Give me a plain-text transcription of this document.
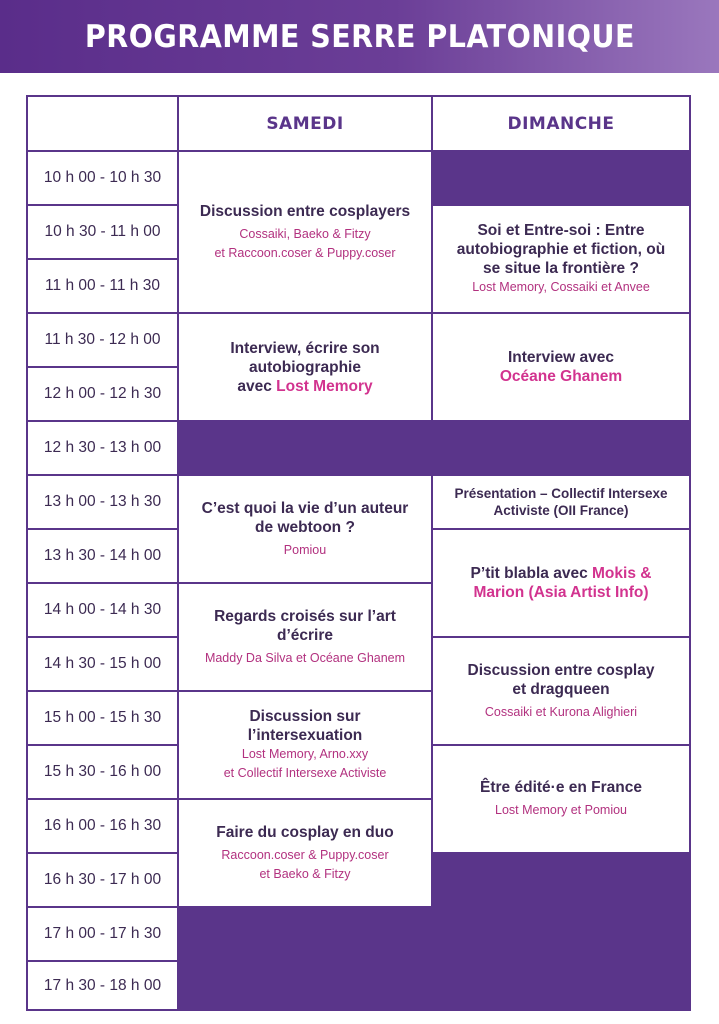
PROGRAMME SERRE PLATONIQUE
SAMEDI	DIMANCHE
10 h 00 - 10 h 30
10 h 30 - 11 h 00
11 h 00 - 11 h 30
11 h 30 - 12 h 00
12 h 00 - 12 h 30
12 h 30 - 13 h 00
13 h 00 - 13 h 30
13 h 30 - 14 h 00
14 h 00 - 14 h 30
14 h 30 - 15 h 00
15 h 00 - 15 h 30
15 h 30 - 16 h 00
16 h 00 - 16 h 30
16 h 30 - 17 h 00
17 h 00 - 17 h 30
17 h 30 - 18 h 00
Discussion entre cosplayers
Cossaiki, Baeko & Fitzy
et Raccoon.coser & Puppy.coser
Interview, écrire son
autobiographie
avec Lost Memory
C’est quoi la vie d’un auteur
de webtoon ?
Pomiou
Regards croisés sur l’art
d’écrire
Maddy Da Silva et Océane Ghanem
Discussion sur
l’intersexuation
Lost Memory, Arno.xxy
et Collectif Intersexe Activiste
Faire du cosplay en duo
Raccoon.coser & Puppy.coser
et Baeko & Fitzy
Soi et Entre-soi : Entre
autobiographie et fiction, où
se situe la frontière ?
Lost Memory, Cossaiki et Anvee
Interview avec
Océane Ghanem
Présentation – Collectif Intersexe
Activiste (OII France)
P’tit blabla avec Mokis &
Marion (Asia Artist Info)
Discussion entre cosplay
et dragqueen
Cossaiki et Kurona Alighieri
Être édité·e en France
Lost Memory et Pomiou
